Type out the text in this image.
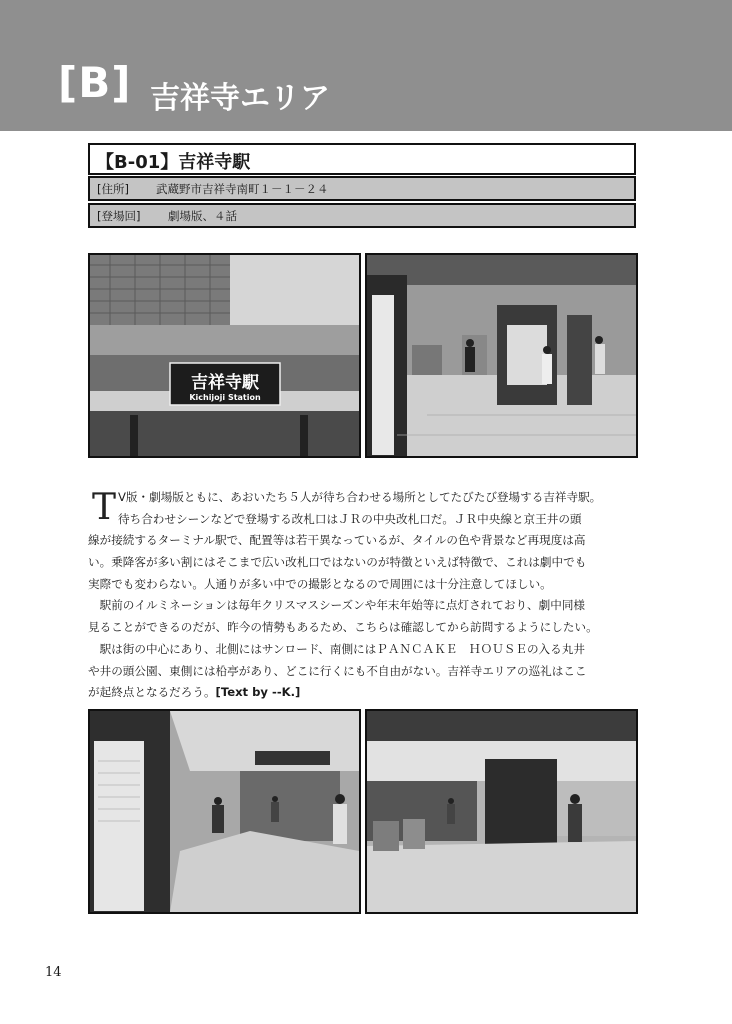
[B] 吉祥寺エリア
【B-01】吉祥寺駅
[住所] 武蔵野市吉祥寺南町１－１－２４
[登場回] 劇場版、４話
吉祥寺駅
Kichijoji Station
T V版・劇場版ともに、あおいたち５人が待ち合わせる場所としてたびたび登場する吉祥寺駅。
待ち合わせシーンなどで登場する改札口はＪＲの中央改札口だ。ＪＲ中央線と京王井の頭
線が接続するターミナル駅で、配置等は若干異なっているが、タイルの色や背景など再現度は高
い。乗降客が多い割にはそこまで広い改札口ではないのが特徴といえば特徴で、これは劇中でも
実際でも変わらない。人通りが多い中での撮影となるので周囲には十分注意してほしい。
　駅前のイルミネーションは毎年クリスマスシーズンや年末年始等に点灯されており、劇中同様
見ることができるのだが、昨今の情勢もあるため、こちらは確認してから訪問するようにしたい。
　駅は街の中心にあり、北側にはサンロード、南側にはＰＡＮＣＡＫＥ　ＨＯＵＳＥの入る丸井
や井の頭公園、東側には柗亭があり、どこに行くにも不自由がない。吉祥寺エリアの巡礼はここ
が起終点となるだろう。[Text by --K.]
14
